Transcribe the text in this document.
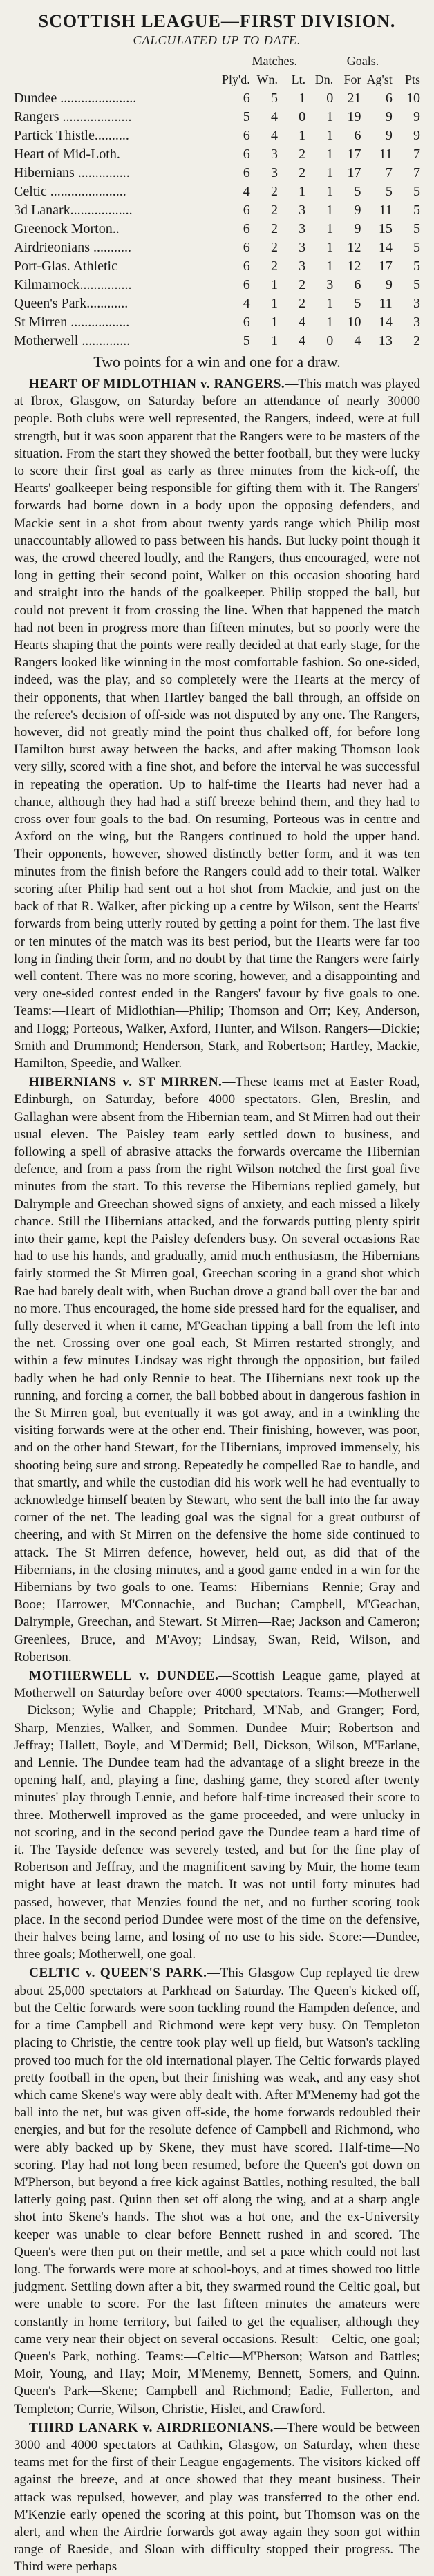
SCOTTISH LEAGUE—FIRST DIVISION.
CALCULATED UP TO DATE.
	Matches.				Goals.		
	Ply'd.	Wn.	Lt.	Dn.	For	Ag'st	Pts
Dundee ......................	6	5	1	0	21	6	10
Rangers ....................	5	4	0	1	19	9	9
Partick Thistle..........	6	4	1	1	6	9	9
Heart of Mid-Loth.	6	3	2	1	17	11	7
Hibernians ...............	6	3	2	1	17	7	7
Celtic ......................	4	2	1	1	5	5	5
3d Lanark..................	6	2	3	1	9	11	5
Greenock Morton..	6	2	3	1	9	15	5
Airdrieonians ...........	6	2	3	1	12	14	5
Port-Glas. Athletic	6	2	3	1	12	17	5
Kilmarnock...............	6	1	2	3	6	9	5
Queen's Park............	4	1	2	1	5	11	3
St Mirren .................	6	1	4	1	10	14	3
Motherwell ..............	5	1	4	0	4	13	2
Two points for a win and one for a draw.

HEART OF MIDLOTHIAN v. RANGERS.—This match was played at Ibrox, Glasgow, on Saturday before an attendance of nearly 30000 people. Both clubs were well represented, the Rangers, indeed, were at full strength, but it was soon apparent that the Rangers were to be masters of the situation. From the start they showed the better football, but they were lucky to score their first goal as early as three minutes from the kick-off, the Hearts' goalkeeper being responsible for gifting them with it. The Rangers' forwards had borne down in a body upon the opposing defenders, and Mackie sent in a shot from about twenty yards range which Philip most unaccountably allowed to pass between his hands. But lucky point though it was, the crowd cheered loudly, and the Rangers, thus encouraged, were not long in getting their second point, Walker on this occasion shooting hard and straight into the hands of the goalkeeper. Philip stopped the ball, but could not prevent it from crossing the line. When that happened the match had not been in progress more than fifteen minutes, but so poorly were the Hearts shaping that the points were really decided at that early stage, for the Rangers looked like winning in the most comfortable fashion. So one-sided, indeed, was the play, and so completely were the Hearts at the mercy of their opponents, that when Hartley banged the ball through, an offside on the referee's decision of off-side was not disputed by any one. The Rangers, however, did not greatly mind the point thus chalked off, for before long Hamilton burst away between the backs, and after making Thomson look very silly, scored with a fine shot, and before the interval he was successful in repeating the operation. Up to half-time the Hearts had never had a chance, although they had had a stiff breeze behind them, and they had to cross over four goals to the bad. On resuming, Porteous was in centre and Axford on the wing, but the Rangers continued to hold the upper hand. Their opponents, however, showed distinctly better form, and it was ten minutes from the finish before the Rangers could add to their total. Walker scoring after Philip had sent out a hot shot from Mackie, and just on the back of that R. Walker, after picking up a centre by Wilson, sent the Hearts' forwards from being utterly routed by getting a point for them. The last five or ten minutes of the match was its best period, but the Hearts were far too long in finding their form, and no doubt by that time the Rangers were fairly well content. There was no more scoring, however, and a disappointing and very one-sided contest ended in the Rangers' favour by five goals to one. Teams:—Heart of Midlothian—Philip; Thomson and Orr; Key, Anderson, and Hogg; Porteous, Walker, Axford, Hunter, and Wilson. Rangers—Dickie; Smith and Drummond; Henderson, Stark, and Robertson; Hartley, Mackie, Hamilton, Speedie, and Walker.

HIBERNIANS v. ST MIRREN.—These teams met at Easter Road, Edinburgh, on Saturday, before 4000 spectators. Glen, Breslin, and Gallaghan were absent from the Hibernian team, and St Mirren had out their usual eleven. The Paisley team early settled down to business, and following a spell of abrasive attacks the forwards overcame the Hibernian defence, and from a pass from the right Wilson notched the first goal five minutes from the start. To this reverse the Hibernians replied gamely, but Dalrymple and Greechan showed signs of anxiety, and each missed a likely chance. Still the Hibernians attacked, and the forwards putting plenty spirit into their game, kept the Paisley defenders busy. On several occasions Rae had to use his hands, and gradually, amid much enthusiasm, the Hibernians fairly stormed the St Mirren goal, Greechan scoring in a grand shot which Rae had barely dealt with, when Buchan drove a grand ball over the bar and no more. Thus encouraged, the home side pressed hard for the equaliser, and fully deserved it when it came, M'Geachan tipping a ball from the left into the net. Crossing over one goal each, St Mirren restarted strongly, and within a few minutes Lindsay was right through the opposition, but failed badly when he had only Rennie to beat. The Hibernians next took up the running, and forcing a corner, the ball bobbed about in dangerous fashion in the St Mirren goal, but eventually it was got away, and in a twinkling the visiting forwards were at the other end. Their finishing, however, was poor, and on the other hand Stewart, for the Hibernians, improved immensely, his shooting being sure and strong. Repeatedly he compelled Rae to handle, and that smartly, and while the custodian did his work well he had eventually to acknowledge himself beaten by Stewart, who sent the ball into the far away corner of the net. The leading goal was the signal for a great outburst of cheering, and with St Mirren on the defensive the home side continued to attack. The St Mirren defence, however, held out, as did that of the Hibernians, in the closing minutes, and a good game ended in a win for the Hibernians by two goals to one. Teams:—Hibernians—Rennie; Gray and Booe; Harrower, M'Connachie, and Buchan; Campbell, M'Geachan, Dalrymple, Greechan, and Stewart. St Mirren—Rae; Jackson and Cameron; Greenlees, Bruce, and M'Avoy; Lindsay, Swan, Reid, Wilson, and Robertson.

MOTHERWELL v. DUNDEE.—Scottish League game, played at Motherwell on Saturday before over 4000 spectators. Teams:—Motherwell—Dickson; Wylie and Chapple; Pritchard, M'Nab, and Granger; Ford, Sharp, Menzies, Walker, and Sommen. Dundee—Muir; Robertson and Jeffray; Hallett, Boyle, and M'Dermid; Bell, Dickson, Wilson, M'Farlane, and Lennie. The Dundee team had the advantage of a slight breeze in the opening half, and, playing a fine, dashing game, they scored after twenty minutes' play through Lennie, and before half-time increased their score to three. Motherwell improved as the game proceeded, and were unlucky in not scoring, and in the second period gave the Dundee team a hard time of it. The Tayside defence was severely tested, and but for the fine play of Robertson and Jeffray, and the magnificent saving by Muir, the home team might have at least drawn the match. It was not until forty minutes had passed, however, that Menzies found the net, and no further scoring took place. In the second period Dundee were most of the time on the defensive, their halves being lame, and losing of no use to his side. Score:—Dundee, three goals; Motherwell, one goal.

CELTIC v. QUEEN'S PARK.—This Glasgow Cup replayed tie drew about 25,000 spectators at Parkhead on Saturday. The Queen's kicked off, but the Celtic forwards were soon tackling round the Hampden defence, and for a time Campbell and Richmond were kept very busy. On Templeton placing to Christie, the centre took play well up field, but Watson's tackling proved too much for the old international player. The Celtic forwards played pretty football in the open, but their finishing was weak, and any easy shot which came Skene's way were ably dealt with. After M'Menemy had got the ball into the net, but was given off-side, the home forwards redoubled their energies, and but for the resolute defence of Campbell and Richmond, who were ably backed up by Skene, they must have scored. Half-time—No scoring. Play had not long been resumed, before the Queen's got down on M'Pherson, but beyond a free kick against Battles, nothing resulted, the ball latterly going past. Quinn then set off along the wing, and at a sharp angle shot into Skene's hands. The shot was a hot one, and the ex-University keeper was unable to clear before Bennett rushed in and scored. The Queen's were then put on their mettle, and set a pace which could not last long. The forwards were more at school-boys, and at times showed too little judgment. Settling down after a bit, they swarmed round the Celtic goal, but were unable to score. For the last fifteen minutes the amateurs were constantly in home territory, but failed to get the equaliser, although they came very near their object on several occasions. Result:—Celtic, one goal; Queen's Park, nothing. Teams:—Celtic—M'Pherson; Watson and Battles; Moir, Young, and Hay; Moir, M'Menemy, Bennett, Somers, and Quinn. Queen's Park—Skene; Campbell and Richmond; Eadie, Fullerton, and Templeton; Currie, Wilson, Christie, Hislet, and Crawford.

THIRD LANARK v. AIRDRIEONIANS.—There would be between 3000 and 4000 spectators at Cathkin, Glasgow, on Saturday, when these teams met for the first of their League engagements. The visitors kicked off against the breeze, and at once showed that they meant business. Their attack was repulsed, however, and play was transferred to the other end. M'Kenzie early opened the scoring at this point, but Thomson was on the alert, and when the Airdrie forwards got away again they soon got within range of Raeside, and Sloan with difficulty stopped their progress. The Third were perhaps
